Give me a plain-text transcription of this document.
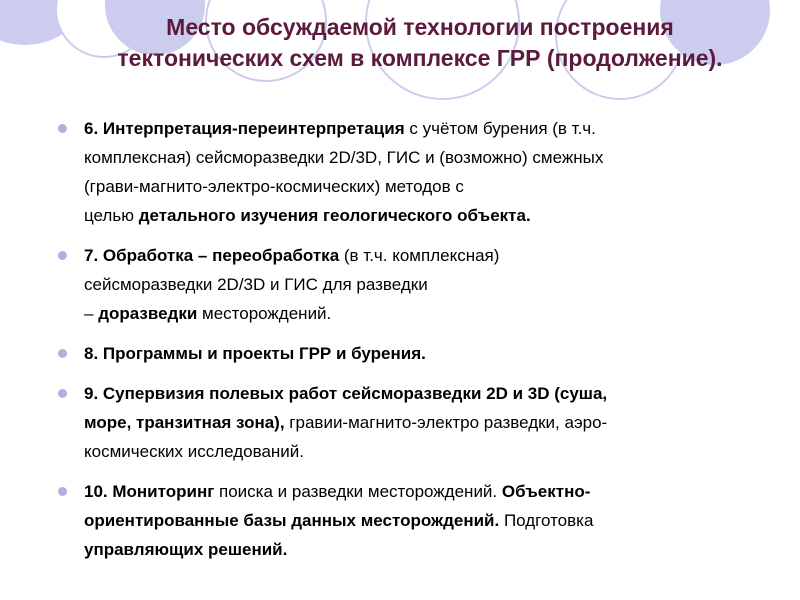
Место обсуждаемой технологии построения
тектонических схем в комплексе ГРР (продолжение).
6. Интерпретация-переинтерпретация с учётом бурения (в т.ч.
комплексная) сейсморазведки 2D/3D, ГИС и (возможно) смежных
(грави-магнито-электро-космических) методов с
целью детального изучения геологического объекта.
7. Обработка – переобработка (в т.ч. комплексная)
сейсморазведки 2D/3D и ГИС для разведки
– доразведки месторождений.
8. Программы и проекты ГРР и бурения.
9. Супервизия полевых работ сейсморазведки 2D и 3D (суша,
море, транзитная зона), гравии-магнито-электро разведки, аэро-
космических исследований.
10. Мониторинг поиска и разведки месторождений. Объектно-
ориентированные базы данных месторождений. Подготовка
управляющих решений.
